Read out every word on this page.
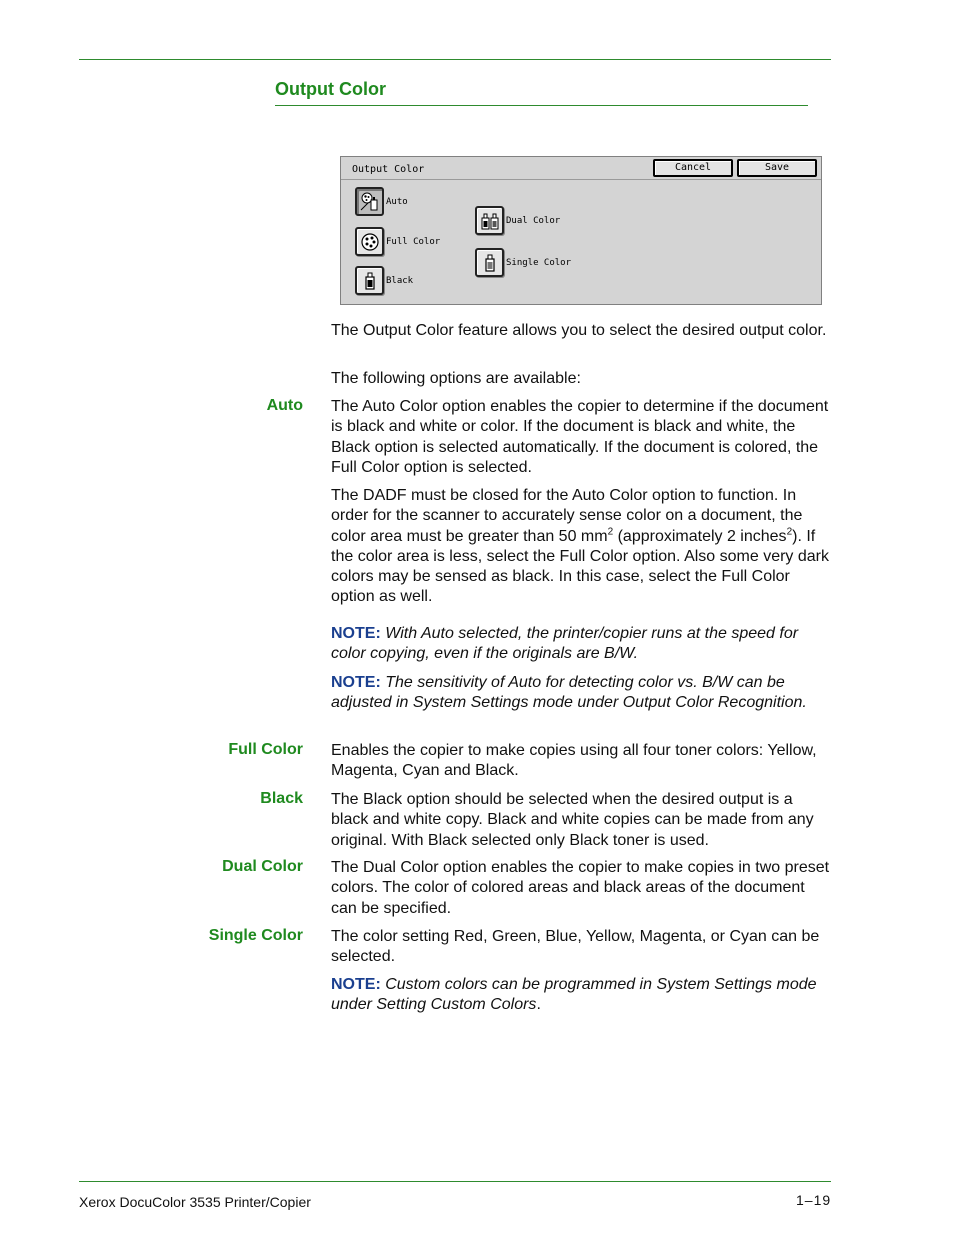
Output Color
Output Color	Cancel	Save
Auto
Full Color
Black
Dual Color
Single Color
The Output Color feature allows you to select the desired output color.
The following options are available:
Auto The Auto Color option enables the copier to determine if the document is black and white or color. If the document is black and white, the Black option is selected automatically. If the document is colored, the Full Color option is selected.
The DADF must be closed for the Auto Color option to function. In order for the scanner to accurately sense color on a document, the color area must be greater than 50 $mm^2$ (approximately 2 inches$^2$). If the color area is less, select the Full Color option. Also some very dark colors may be sensed as black. In this case, select the Full Color option as well.
NOTE: With Auto selected, the printer/copier runs at the speed for color copying, even if the originals are B/W.
NOTE: The sensitivity of Auto for detecting color vs. B/W can be adjusted in System Settings mode under Output Color Recognition.
Full Color Enables the copier to make copies using all four toner colors: Yellow, Magenta, Cyan and Black.
Black The Black option should be selected when the desired output is a black and white copy. Black and white copies can be made from any original. With Black selected only Black toner is used.
Dual Color The Dual Color option enables the copier to make copies in two preset colors. The color of colored areas and black areas of the document can be specified.
Single Color The color setting Red, Green, Blue, Yellow, Magenta, or Cyan can be selected.
NOTE: Custom colors can be programmed in System Settings mode under Setting Custom Colors.
Xerox DocuColor 3535 Printer/Copier	1–19
